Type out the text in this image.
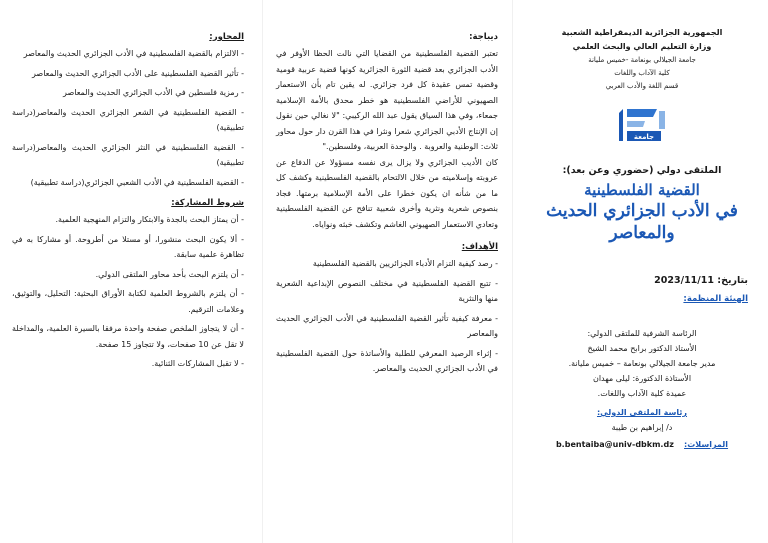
الجمهورية الجزائرية الديمقراطية الشعبية

وزارة التعليم العالي والبحث العلمي

جامعة الجيلالي بونعامة -خميس مليانة

كلية الآداب واللغات

قسم اللغة والأدب العربي

جامعة

الملتقى دولي (حضوري وعن بعد):

القضية الفلسطينية

في الأدب الجزائري الحديث والمعاصر

بتاريخ: 2023/11/11

الهيئة المنظمة:

الرئاسة الشرفية للملتقى الدولي:

الأستاذ الدكتور برابح محمد الشيخ

مدير جامعة الجيلالي بونعامة – خميس مليانة.

الأستاذة الدكتورة: ليلى مهدان

عميدة كلية الآداب واللغات.

رئاسة الملتقى الدولي:

د/ إبراهيم بن طيبة

المراسلات:    b.bentaiba@univ-dbkm.dz

ديباجة:

تعتبر القضية الفلسطينية من القضايا التي نالت الحظا الأوفر في الأدب الجزائري بعد قضية الثورة الجزائرية كونها قضية عربية قومية وقضية تمس عقيدة كل فرد جزائري. له يقين تام بأن الاستعمار الصهيوني للأراضي الفلسطينية هو خطر محدق بالأمة الإسلامية جمعاء، وفي هذا السياق يقول عبد الله الركيبي: "لا نغالي حين نقول إن الإنتاج الأدبي الجزائري شعرا ونثرا في هذا القرن دار حول محاور ثلاث: الوطنية والعروبة . والوحدة العربية، وفلسطين."

كان الأديب الجزائري ولا يزال يرى نفسه مسؤولا عن الدفاع عن عروبته وإسلاميته من خلال الالتحام بالقضية الفلسطينية وكشف كل ما من شأنه ان يكون خطرا على الأمة الإسلامية برمتها. فجاد بنصوص شعرية ونثرية وأخرى شعبية تنافح عن القضية الفلسطينية وتعادي الاستعمار الصهيوني الغاشم وتكشف خبثه ونواياه.

الأهداف:

- رصد كيفية التزام الأدباء الجزائريين بالقضية الفلسطينية
- تتبع القضية الفلسطينية في مختلف النصوص الإبداعية الشعرية منها والنثرية
- معرفة كيفية تأثير القضية الفلسطينية في الأدب الجزائري الحديث والمعاصر
- إثراء الرصيد المعرفي للطلبة والأساتذة حول القضية الفلسطينية في الأدب الجزائري الحديث والمعاصر.

المحاور:

- الالتزام بالقضية الفلسطينية في الأدب الجزائري الحديث والمعاصر
- تأثير القضية الفلسطينية على الأدب الجزائري الحديث والمعاصر
- رمزية فلسطين في الأدب الجزائري الحديث والمعاصر
- القضية الفلسطينية في الشعر الجزائري الحديث والمعاصر(دراسة تطبيقية)
- القضية الفلسطينية في النثر الجزائري الحديث والمعاصر(دراسة تطبيقية)
- القضية الفلسطينية في الأدب الشعبي الجزائري(دراسة تطبيقية)

شروط المشاركة:

- أن يمتاز البحث بالجدة والابتكار والتزام المنهجية العلمية.
- ألا يكون البحث منشورا، أو مستلا من أطروحة. أو مشاركا به في تظاهرة علمية سابقة.
- أن يلتزم البحث بأحد محاور الملتقى الدولي.
- أن يلتزم بالشروط العلمية لكتابة الأوراق البحثية: التحليل، والتوثيق، وعلامات الترقيم.
- أن لا يتجاوز الملخص صفحة واحدة مرفقا بالسيرة العلمية، والمداخلة لا تقل عن 10 صفحات، ولا تتجاوز 15 صفحة.
- لا تقبل المشاركات الثنائية.
